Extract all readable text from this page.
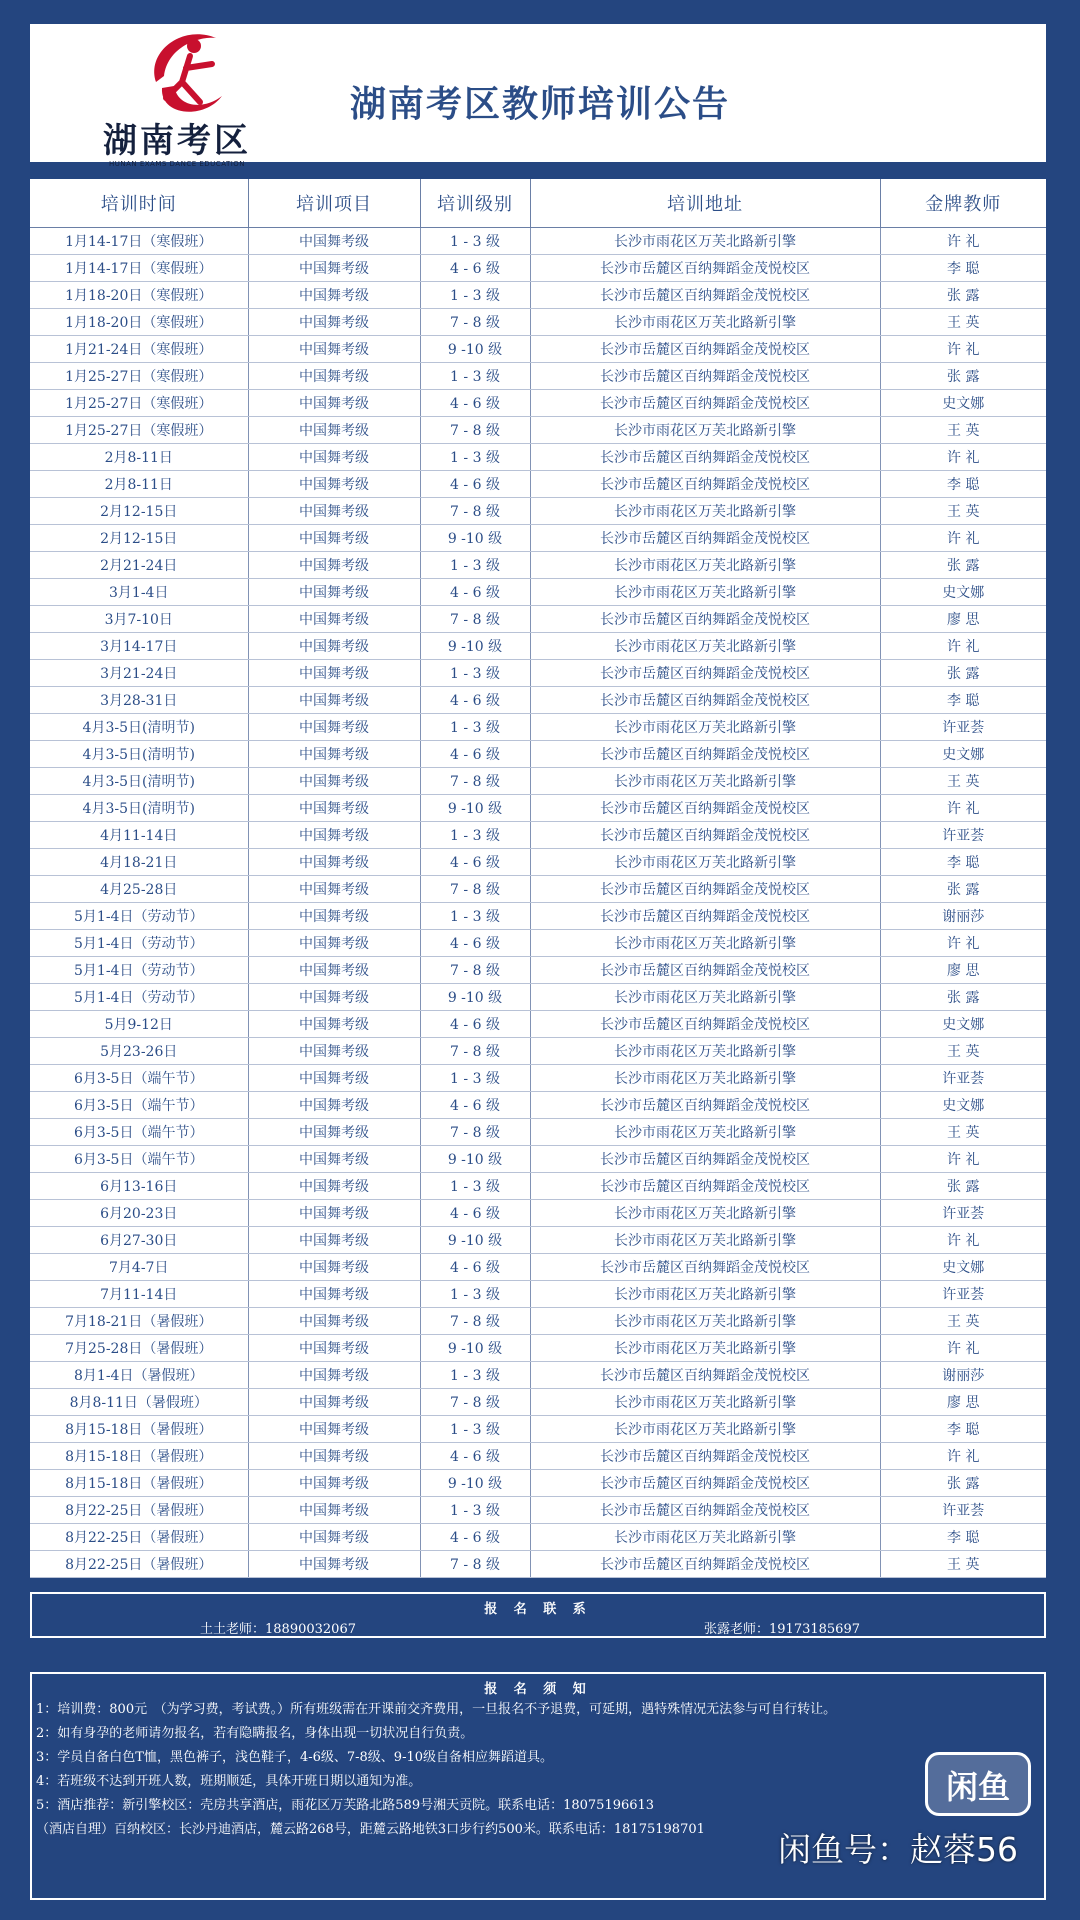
湖南考区
HUNAN EXAMS DANCE EDUCATION
湖南考区教师培训公告
培训时间	培训项目	培训级别	培训地址	金牌教师
1月14-17日（寒假班）	中国舞考级	1 - 3 级	长沙市雨花区万芙北路新引擎	许 礼
1月14-17日（寒假班）	中国舞考级	4 - 6 级	长沙市岳麓区百纳舞蹈金茂悦校区	李 聪
1月18-20日（寒假班）	中国舞考级	1 - 3 级	长沙市岳麓区百纳舞蹈金茂悦校区	张 露
1月18-20日（寒假班）	中国舞考级	7 - 8 级	长沙市雨花区万芙北路新引擎	王 英
1月21-24日（寒假班）	中国舞考级	9 -10 级	长沙市岳麓区百纳舞蹈金茂悦校区	许 礼
1月25-27日（寒假班）	中国舞考级	1 - 3 级	长沙市岳麓区百纳舞蹈金茂悦校区	张 露
1月25-27日（寒假班）	中国舞考级	4 - 6 级	长沙市岳麓区百纳舞蹈金茂悦校区	史文娜
1月25-27日（寒假班）	中国舞考级	7 - 8 级	长沙市雨花区万芙北路新引擎	王 英
2月8-11日	中国舞考级	1 - 3 级	长沙市岳麓区百纳舞蹈金茂悦校区	许 礼
2月8-11日	中国舞考级	4 - 6 级	长沙市岳麓区百纳舞蹈金茂悦校区	李 聪
2月12-15日	中国舞考级	7 - 8 级	长沙市雨花区万芙北路新引擎	王 英
2月12-15日	中国舞考级	9 -10 级	长沙市岳麓区百纳舞蹈金茂悦校区	许 礼
2月21-24日	中国舞考级	1 - 3 级	长沙市雨花区万芙北路新引擎	张 露
3月1-4日	中国舞考级	4 - 6 级	长沙市雨花区万芙北路新引擎	史文娜
3月7-10日	中国舞考级	7 - 8 级	长沙市岳麓区百纳舞蹈金茂悦校区	廖 思
3月14-17日	中国舞考级	9 -10 级	长沙市雨花区万芙北路新引擎	许 礼
3月21-24日	中国舞考级	1 - 3 级	长沙市岳麓区百纳舞蹈金茂悦校区	张 露
3月28-31日	中国舞考级	4 - 6 级	长沙市岳麓区百纳舞蹈金茂悦校区	李 聪
4月3-5日(清明节)	中国舞考级	1 - 3 级	长沙市雨花区万芙北路新引擎	许亚荟
4月3-5日(清明节)	中国舞考级	4 - 6 级	长沙市岳麓区百纳舞蹈金茂悦校区	史文娜
4月3-5日(清明节)	中国舞考级	7 - 8 级	长沙市雨花区万芙北路新引擎	王 英
4月3-5日(清明节)	中国舞考级	9 -10 级	长沙市岳麓区百纳舞蹈金茂悦校区	许 礼
4月11-14日	中国舞考级	1 - 3 级	长沙市岳麓区百纳舞蹈金茂悦校区	许亚荟
4月18-21日	中国舞考级	4 - 6 级	长沙市雨花区万芙北路新引擎	李 聪
4月25-28日	中国舞考级	7 - 8 级	长沙市岳麓区百纳舞蹈金茂悦校区	张 露
5月1-4日（劳动节）	中国舞考级	1 - 3 级	长沙市岳麓区百纳舞蹈金茂悦校区	谢丽莎
5月1-4日（劳动节）	中国舞考级	4 - 6 级	长沙市雨花区万芙北路新引擎	许 礼
5月1-4日（劳动节）	中国舞考级	7 - 8 级	长沙市岳麓区百纳舞蹈金茂悦校区	廖 思
5月1-4日（劳动节）	中国舞考级	9 -10 级	长沙市雨花区万芙北路新引擎	张 露
5月9-12日	中国舞考级	4 - 6 级	长沙市岳麓区百纳舞蹈金茂悦校区	史文娜
5月23-26日	中国舞考级	7 - 8 级	长沙市雨花区万芙北路新引擎	王 英
6月3-5日（端午节）	中国舞考级	1 - 3 级	长沙市雨花区万芙北路新引擎	许亚荟
6月3-5日（端午节）	中国舞考级	4 - 6 级	长沙市岳麓区百纳舞蹈金茂悦校区	史文娜
6月3-5日（端午节）	中国舞考级	7 - 8 级	长沙市雨花区万芙北路新引擎	王 英
6月3-5日（端午节）	中国舞考级	9 -10 级	长沙市岳麓区百纳舞蹈金茂悦校区	许 礼
6月13-16日	中国舞考级	1 - 3 级	长沙市岳麓区百纳舞蹈金茂悦校区	张 露
6月20-23日	中国舞考级	4 - 6 级	长沙市雨花区万芙北路新引擎	许亚荟
6月27-30日	中国舞考级	9 -10 级	长沙市雨花区万芙北路新引擎	许 礼
7月4-7日	中国舞考级	4 - 6 级	长沙市岳麓区百纳舞蹈金茂悦校区	史文娜
7月11-14日	中国舞考级	1 - 3 级	长沙市雨花区万芙北路新引擎	许亚荟
7月18-21日（暑假班）	中国舞考级	7 - 8 级	长沙市雨花区万芙北路新引擎	王 英
7月25-28日（暑假班）	中国舞考级	9 -10 级	长沙市雨花区万芙北路新引擎	许 礼
8月1-4日（暑假班）	中国舞考级	1 - 3 级	长沙市岳麓区百纳舞蹈金茂悦校区	谢丽莎
8月8-11日（暑假班）	中国舞考级	7 - 8 级	长沙市雨花区万芙北路新引擎	廖 思
8月15-18日（暑假班）	中国舞考级	1 - 3 级	长沙市雨花区万芙北路新引擎	李 聪
8月15-18日（暑假班）	中国舞考级	4 - 6 级	长沙市岳麓区百纳舞蹈金茂悦校区	许 礼
8月15-18日（暑假班）	中国舞考级	9 -10 级	长沙市岳麓区百纳舞蹈金茂悦校区	张 露
8月22-25日（暑假班）	中国舞考级	1 - 3 级	长沙市岳麓区百纳舞蹈金茂悦校区	许亚荟
8月22-25日（暑假班）	中国舞考级	4 - 6 级	长沙市雨花区万芙北路新引擎	李 聪
8月22-25日（暑假班）	中国舞考级	7 - 8 级	长沙市岳麓区百纳舞蹈金茂悦校区	王 英
报 名 联 系
土土老师：18890032067	张露老师：19173185697
报 名 须 知
1：培训费：800元　（为学习费，考试费。）所有班级需在开课前交齐费用，一旦报名不予退费，可延期，遇特殊情况无法参与可自行转让。
2：如有身孕的老师请勿报名，若有隐瞒报名，身体出现一切状况自行负责。
3：学员自备白色T恤，黑色裤子，浅色鞋子，4-6级、7-8级、9-10级自备相应舞蹈道具。
4：若班级不达到开班人数，班期顺延，具体开班日期以通知为准。
5：酒店推荐：新引擎校区：壳房共享酒店，雨花区万芙路北路589号湘天贡院。联系电话：18075196613
（酒店自理）百纳校区：长沙丹迪酒店，麓云路268号，距麓云路地铁3口步行约500米。联系电话：18175198701
闲鱼
闲鱼号：赵蓉56
